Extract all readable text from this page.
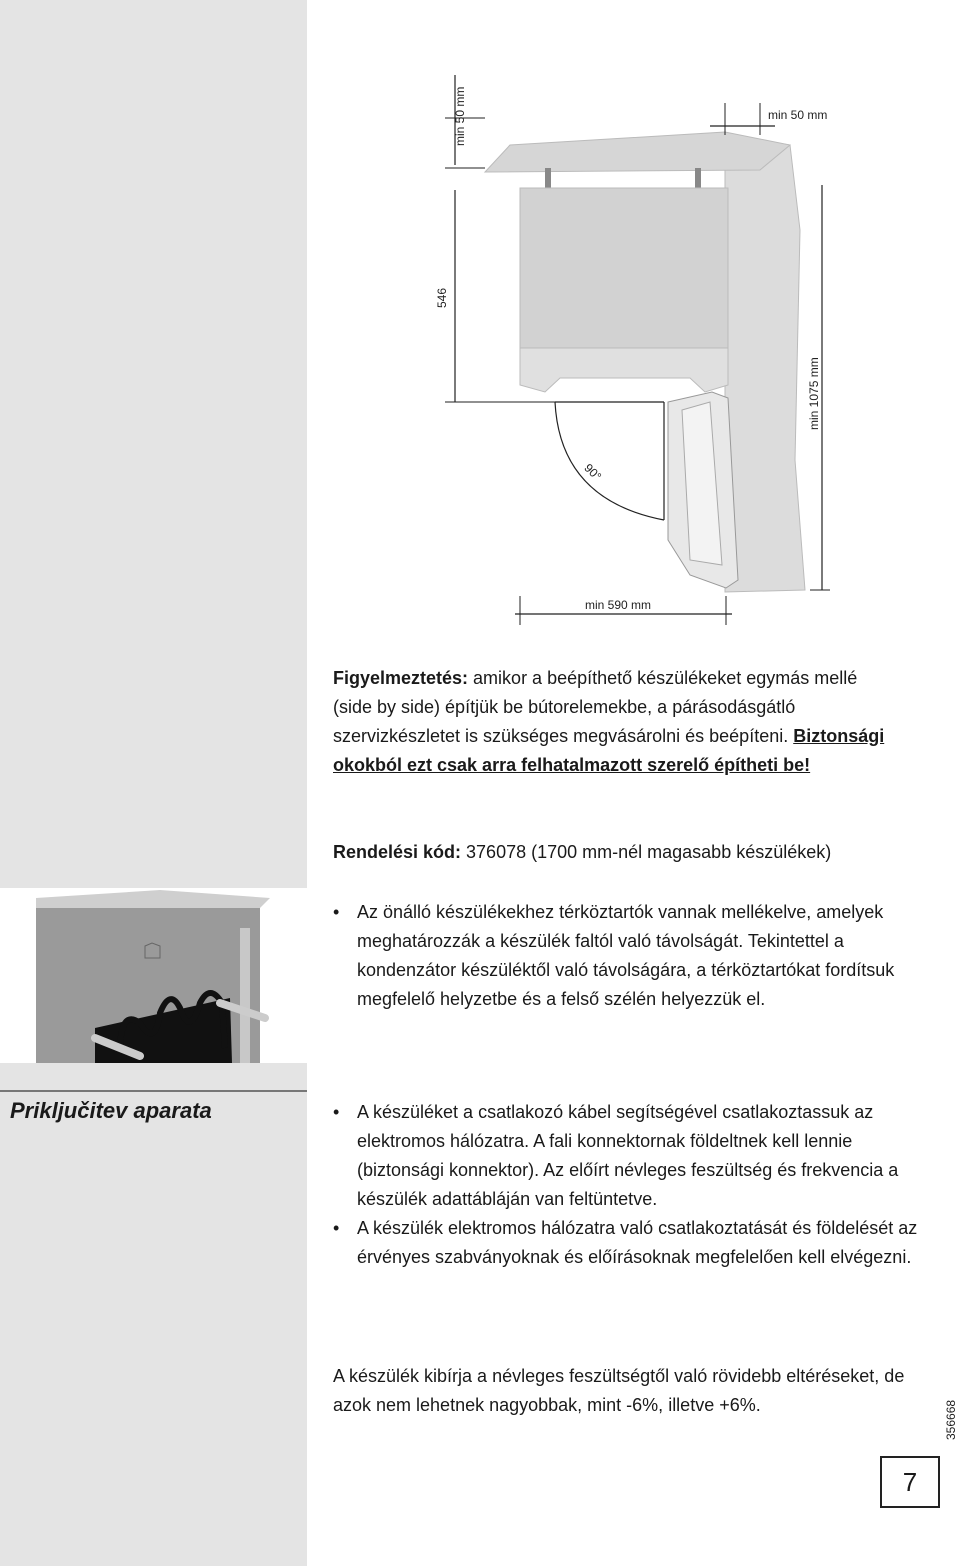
90°
min 50 mm
546
min 50 mm
min 1075 mm
min 590 mm
Figyelmeztetés: amikor a beépíthető készülékeket egymás mellé (side by side) építjük be bútorelemekbe, a párásodásgátló szervizkészletet is szükséges megvásárolni és beépíteni. Biztonsági okokból ezt csak arra felhatalmazott szerelő építheti be!
Rendelési kód: 376078 (1700 mm-nél magasabb készülékek)
• Az önálló készülékekhez térköztartók vannak mellékelve, amelyek meghatározzák a készülék faltól való távolságát. Tekintettel a kondenzátor készüléktől való távolságára, a térköztartókat fordítsuk megfelelő helyzetbe és a felső szélén helyezzük el.
Priključitev aparata	• A készüléket a csatlakozó kábel segítségével csatlakoztassuk az elektromos hálózatra. A fali konnektornak földeltnek kell lennie (biztonsági konnektor). Az előírt névleges feszültség és frekvencia a készülék adattábláján van feltüntetve.
• A készülék elektromos hálózatra való csatlakoztatását és földelését az érvényes szabványoknak és előírásoknak megfelelően kell elvégezni.
A készülék kibírja a névleges feszültségtől való rövidebb eltéréseket, de azok nem lehetnek nagyobbak, mint -6%, illetve +6%.	356668
7
